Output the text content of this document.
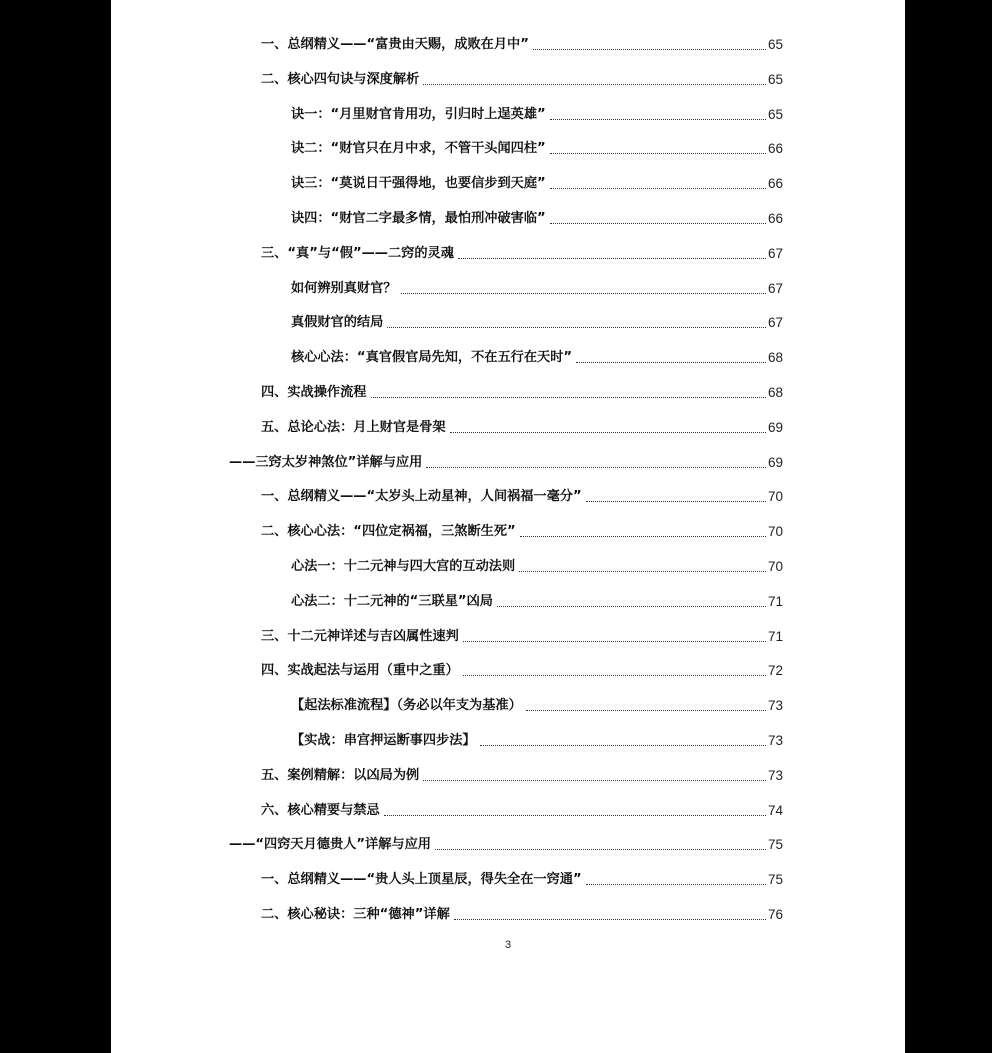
一、总纲精义——“富贵由天赐，成败在月中”	65
二、核心四句诀与深度解析	65
诀一：“月里财官肯用功，引归时上逞英雄”	65
诀二：“财官只在月中求，不管干头闻四柱”	66
诀三：“莫说日干强得地，也要信步到天庭”	66
诀四：“财官二字最多情，最怕刑冲破害临”	66
三、“真”与“假”——二窍的灵魂	67
如何辨别真财官？	67
真假财官的结局	67
核心心法：“真官假官局先知，不在五行在天时”	68
四、实战操作流程	68
五、总论心法：月上财官是骨架	69
——三窍太岁神煞位”详解与应用	69
一、总纲精义——“太岁头上动星神，人间祸福一毫分”	70
二、核心心法：“四位定祸福，三煞断生死”	70
心法一：十二元神与四大宫的互动法则	70
心法二：十二元神的“三联星”凶局	71
三、十二元神详述与吉凶属性速判	71
四、实战起法与运用（重中之重）	72
【起法标准流程】（务必以年支为基准）	73
【实战：串宫押运断事四步法】	73
五、案例精解：以凶局为例	73
六、核心精要与禁忌	74
——“四窍天月德贵人”详解与应用	75
一、总纲精义——“贵人头上顶星辰，得失全在一窍通”	75
二、核心秘诀：三种“德神”详解	76
3
